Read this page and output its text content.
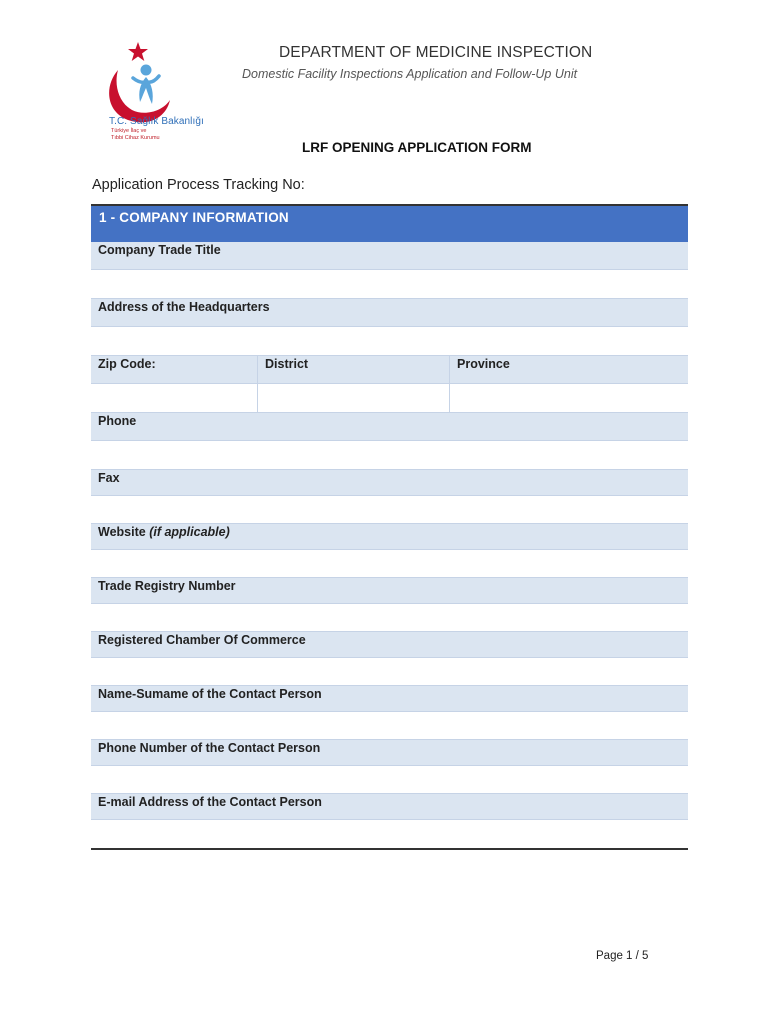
T.C. Sağlık Bakanlığı
Türkiye İlaç ve
Tıbbi Cihaz Kurumu
DEPARTMENT OF MEDICINE INSPECTION
Domestic Facility Inspections Application and Follow-Up Unit
LRF OPENING APPLICATION FORM
Application Process Tracking No:
1 - COMPANY INFORMATION
Company Trade Title
Address of the Headquarters
Zip Code:	District	Province
Phone
Fax
Website (if applicable)
Trade Registry Number
Registered Chamber Of Commerce
Name-Sumame of the Contact Person
Phone Number of the Contact Person
E-mail Address of the Contact Person
Page 1 / 5
